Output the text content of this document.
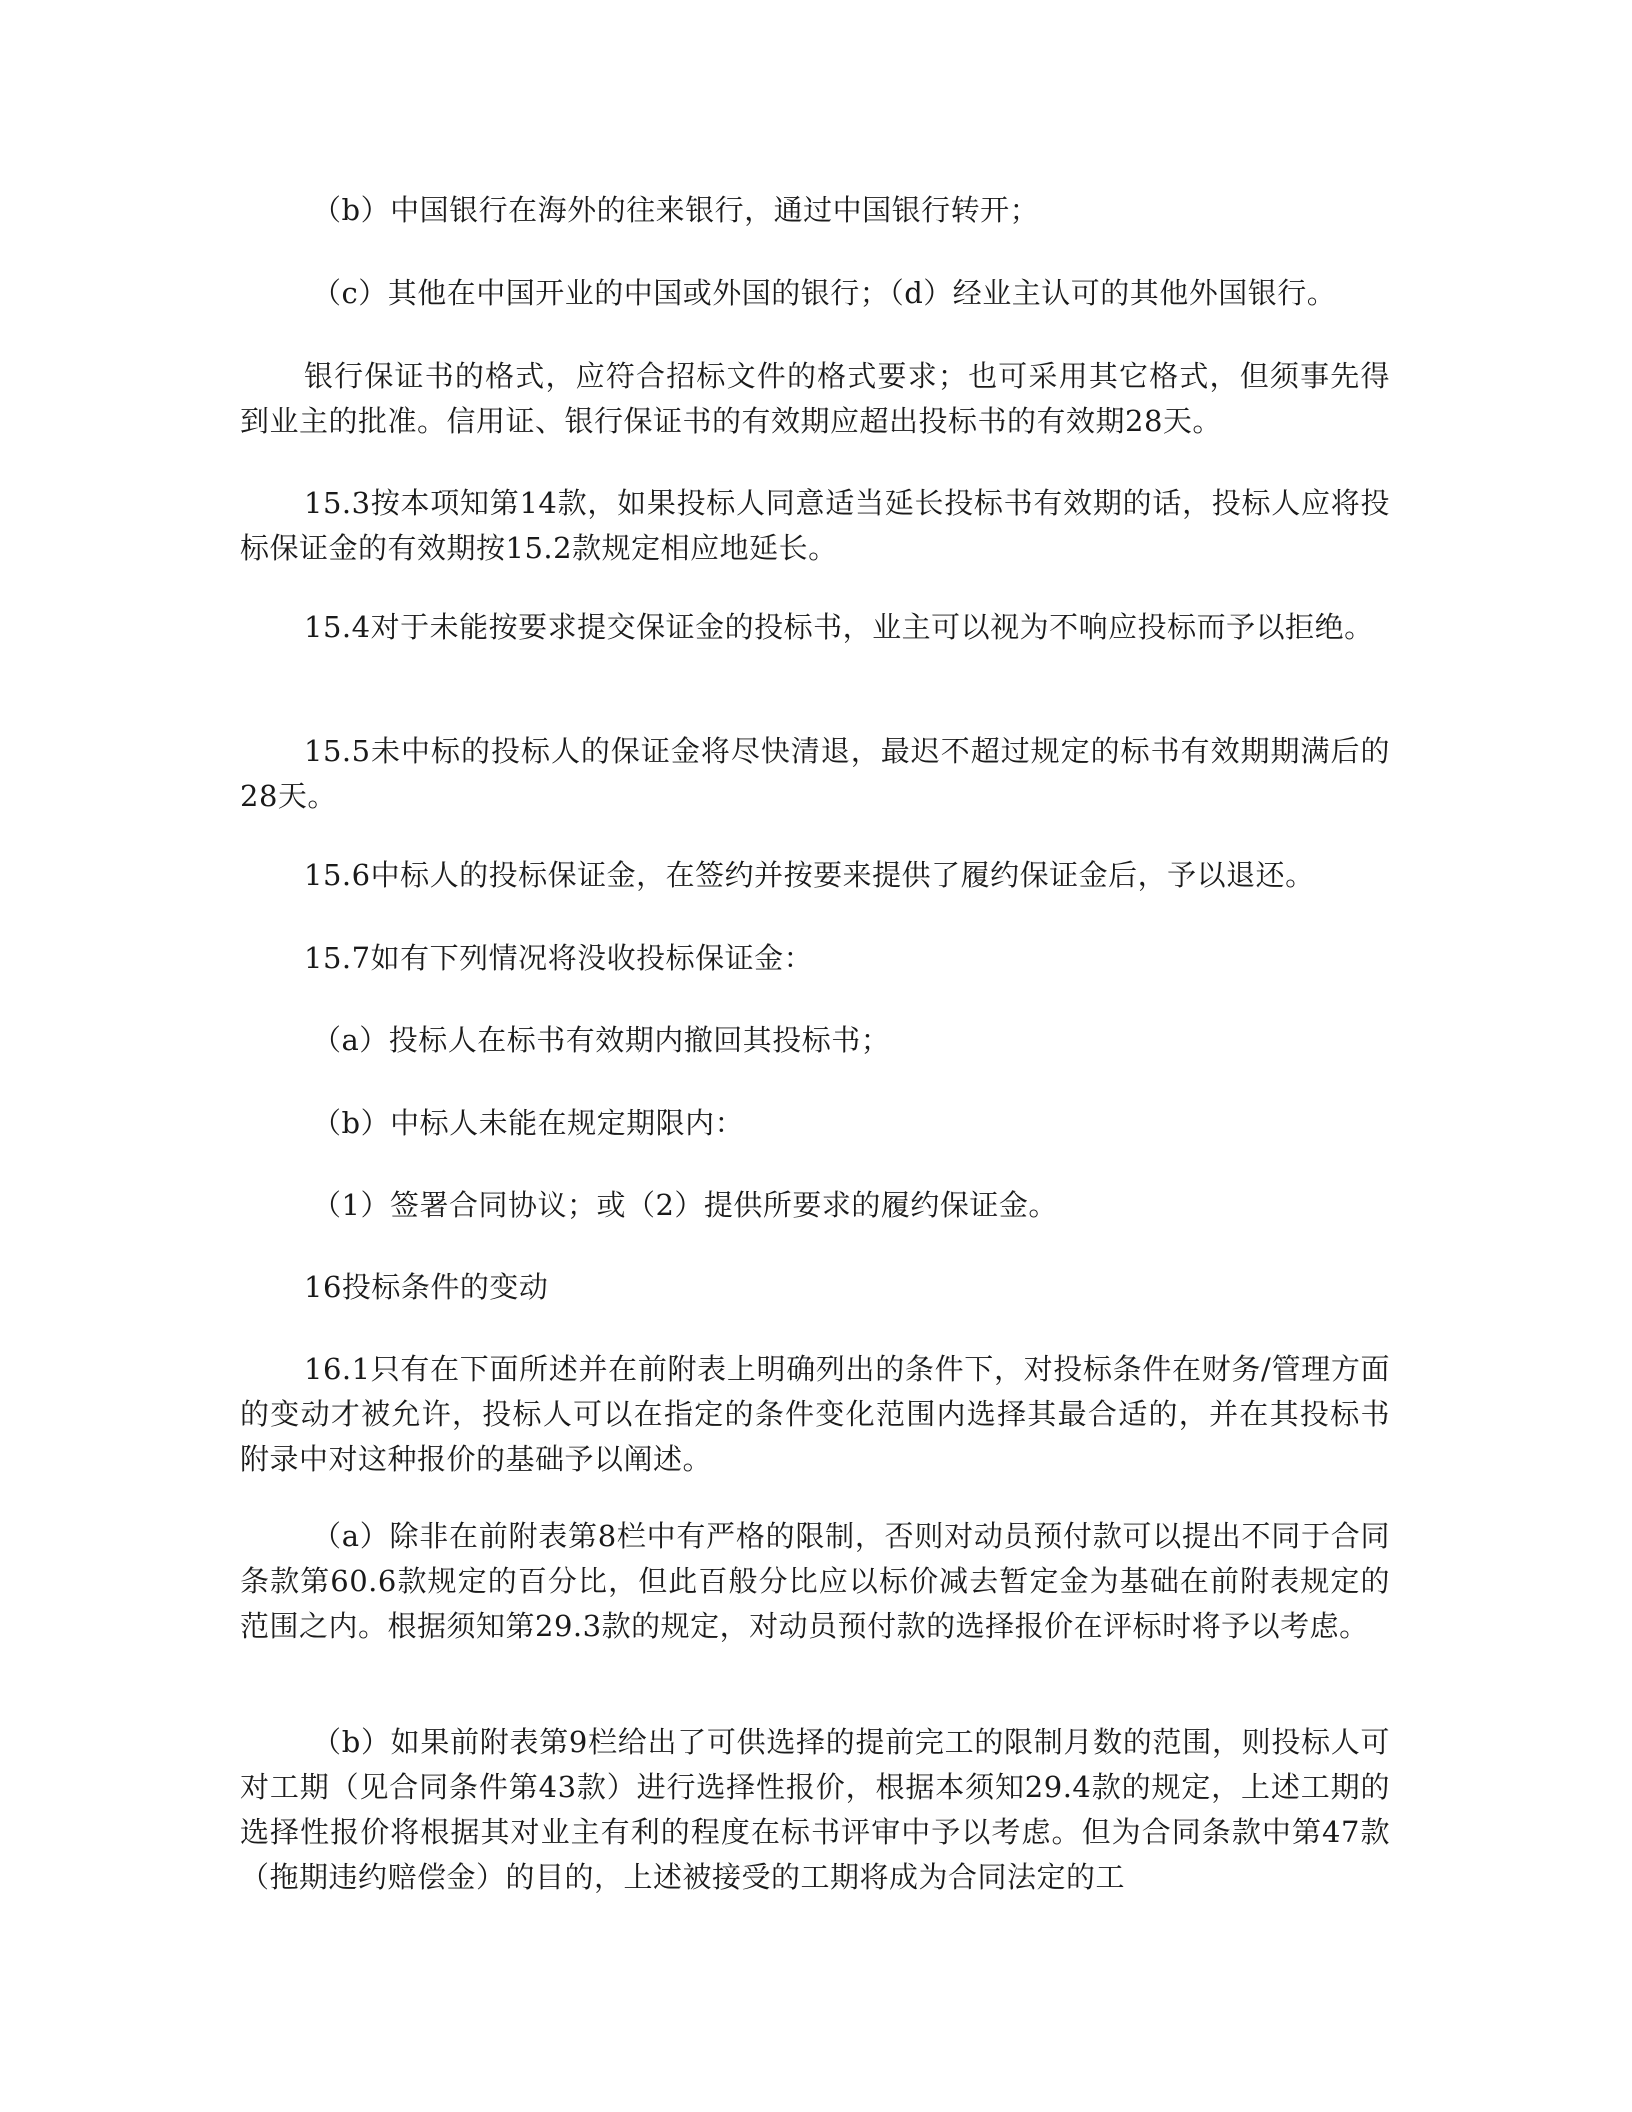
（b）中国银行在海外的往来银行，通过中国银行转开；

（c）其他在中国开业的中国或外国的银行；（d）经业主认可的其他外国银行。

银行保证书的格式，应符合招标文件的格式要求；也可采用其它格式，但须事先得到业主的批准。信用证、银行保证书的有效期应超出投标书的有效期28天。

15.3按本项知第14款，如果投标人同意适当延长投标书有效期的话，投标人应将投标保证金的有效期按15.2款规定相应地延长。

15.4对于未能按要求提交保证金的投标书，业主可以视为不响应投标而予以拒绝。

15.5未中标的投标人的保证金将尽快清退，最迟不超过规定的标书有效期期满后的28天。

15.6中标人的投标保证金，在签约并按要来提供了履约保证金后，予以退还。

15.7如有下列情况将没收投标保证金：

（a）投标人在标书有效期内撤回其投标书；

（b）中标人未能在规定期限内：

（1）签署合同协议；或（2）提供所要求的履约保证金。

16投标条件的变动

16.1只有在下面所述并在前附表上明确列出的条件下，对投标条件在财务/管理方面的变动才被允许，投标人可以在指定的条件变化范围内选择其最合适的，并在其投标书附录中对这种报价的基础予以阐述。

（a）除非在前附表第8栏中有严格的限制，否则对动员预付款可以提出不同于合同条款第60.6款规定的百分比，但此百般分比应以标价减去暂定金为基础在前附表规定的范围之内。根据须知第29.3款的规定，对动员预付款的选择报价在评标时将予以考虑。

（b）如果前附表第9栏给出了可供选择的提前完工的限制月数的范围，则投标人可对工期（见合同条件第43款）进行选择性报价，根据本须知29.4款的规定，上述工期的选择性报价将根据其对业主有利的程度在标书评审中予以考虑。但为合同条款中第47款（拖期违约赔偿金）的目的，上述被接受的工期将成为合同法定的工
